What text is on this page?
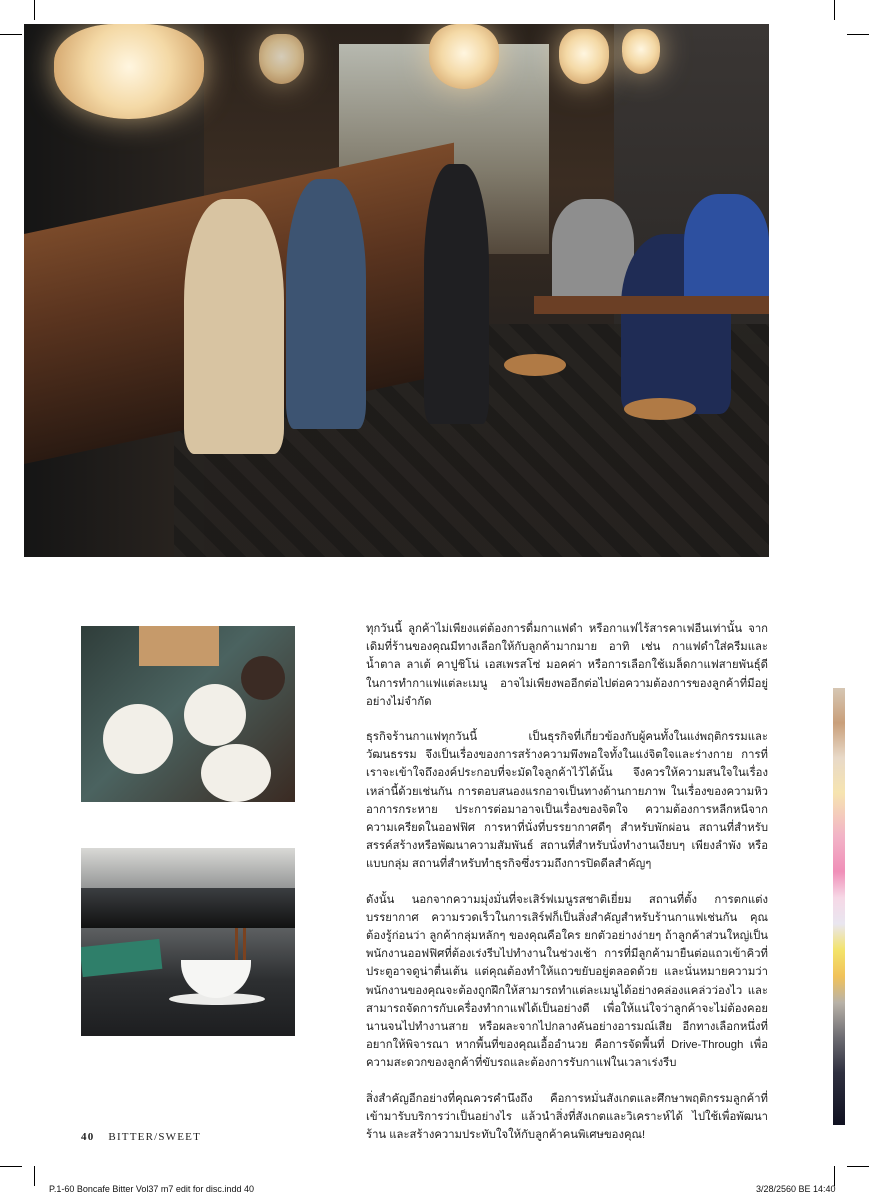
ทุกวันนี้ ลูกค้าไม่เพียงแต่ต้องการดื่มกาแฟดำ หรือกาแฟไร้สารคาเฟอีนเท่านั้น จากเดิมที่ร้านของคุณมีทางเลือกให้กับลูกค้ามากมาย อาทิ เช่น กาแฟดำใส่ครีมและน้ำตาล ลาเต้ คาปูชิโน่ เอสเพรสโซ่ มอคค่า หรือการเลือกใช้เมล็ดกาแฟสายพันธุ์ดีในการทำกาแฟแต่ละเมนู อาจไม่เพียงพออีกต่อไปต่อความต้องการของลูกค้าที่มีอยู่อย่างไม่จำกัด

ธุรกิจร้านกาแฟทุกวันนี้ เป็นธุรกิจที่เกี่ยวข้องกับผู้คนทั้งในแง่พฤติกรรมและวัฒนธรรม จึงเป็นเรื่องของการสร้างความพึงพอใจทั้งในแง่จิตใจและร่างกาย การที่เราจะเข้าใจถึงองค์ประกอบที่จะมัดใจลูกค้าไว้ได้นั้น จึงควรให้ความสนใจในเรื่องเหล่านี้ด้วยเช่นกัน การตอบสนองแรกอาจเป็นทางด้านกายภาพ ในเรื่องของความหิว อาการกระหาย ประการต่อมาอาจเป็นเรื่องของจิตใจ ความต้องการหลีกหนีจากความเครียดในออฟฟิศ การหาที่นั่งที่บรรยากาศดีๆ สำหรับพักผ่อน สถานที่สำหรับสรรค์สร้างหรือพัฒนาความสัมพันธ์ สถานที่สำหรับนั่งทำงานเงียบๆ เพียงลำพัง หรือแบบกลุ่ม สถานที่สำหรับทำธุรกิจซึ่งรวมถึงการปิดดีลสำคัญๆ

ดังนั้น นอกจากความมุ่งมั่นที่จะเสิร์ฟเมนูรสชาติเยี่ยม สถานที่ตั้ง การตกแต่ง บรรยากาศ ความรวดเร็วในการเสิร์ฟก็เป็นสิ่งสำคัญสำหรับร้านกาแฟเช่นกัน คุณต้องรู้ก่อนว่า ลูกค้ากลุ่มหลักๆ ของคุณคือใคร ยกตัวอย่างง่ายๆ ถ้าลูกค้าส่วนใหญ่เป็นพนักงานออฟฟิศที่ต้องเร่งรีบไปทำงานในช่วงเช้า การที่มีลูกค้ามายืนต่อแถวเข้าคิวที่ประตูอาจดูน่าตื่นเต้น แต่คุณต้องทำให้แถวขยับอยู่ตลอดด้วย และนั่นหมายความว่า พนักงานของคุณจะต้องถูกฝึกให้สามารถทำแต่ละเมนูได้อย่างคล่องแคล่วว่องไว และสามารถจัดการกับเครื่องทำกาแฟได้เป็นอย่างดี เพื่อให้แน่ใจว่าลูกค้าจะไม่ต้องคอยนานจนไปทำงานสาย หรือผละจากไปกลางคันอย่างอารมณ์เสีย อีกทางเลือกหนึ่งที่อยากให้พิจารณา หากพื้นที่ของคุณเอื้ออำนวย คือการจัดพื้นที่ Drive-Through เพื่อความสะดวกของลูกค้าที่ขับรถและต้องการรับกาแฟในเวลาเร่งรีบ

สิ่งสำคัญอีกอย่างที่คุณควรคำนึงถึง คือการหมั่นสังเกตและศึกษาพฤติกรรมลูกค้าที่เข้ามารับบริการว่าเป็นอย่างไร แล้วนำสิ่งที่สังเกตและวิเคราะห์ได้ ไปใช้เพื่อพัฒนาร้าน และสร้างความประทับใจให้กับลูกค้าคนพิเศษของคุณ!

40 BITTER/SWEET
P.1-60 Boncafe Bitter Vol37 m7 edit for disc.indd 40	3/28/2560 BE 14:40
